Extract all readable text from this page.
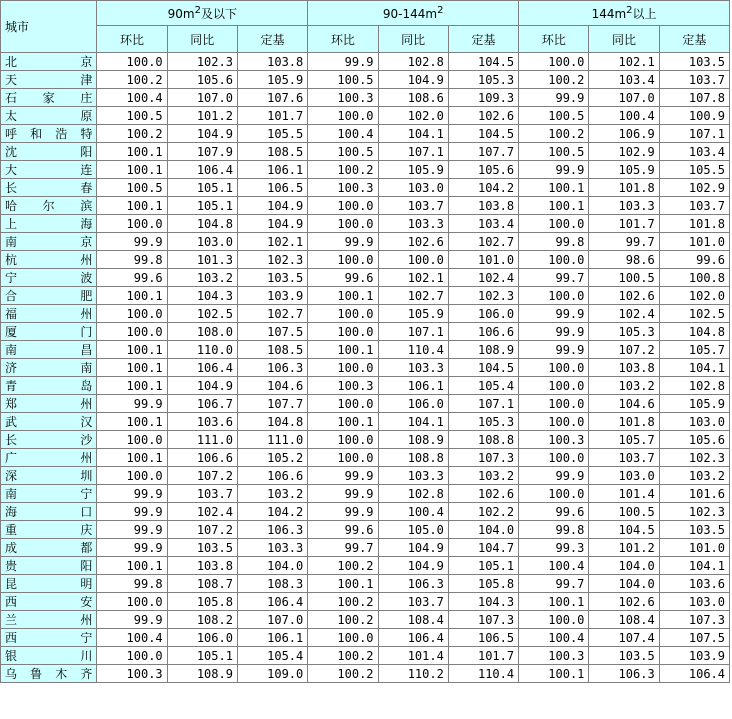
城市	$90m^2$及以下			$90-144m^2$			$144m^2$以上		
	环比	同比	定基	环比	同比	定基	环比	同比	定基
北京	100.0	102.3	103.8	99.9	102.8	104.5	100.0	102.1	103.5
天津	100.2	105.6	105.9	100.5	104.9	105.3	100.2	103.4	103.7
石家庄	100.4	107.0	107.6	100.3	108.6	109.3	99.9	107.0	107.8
太原	100.5	101.2	101.7	100.0	102.0	102.6	100.5	100.4	100.9
呼和浩特	100.2	104.9	105.5	100.4	104.1	104.5	100.2	106.9	107.1
沈阳	100.1	107.9	108.5	100.5	107.1	107.7	100.5	102.9	103.4
大连	100.1	106.4	106.1	100.2	105.9	105.6	99.9	105.9	105.5
长春	100.5	105.1	106.5	100.3	103.0	104.2	100.1	101.8	102.9
哈尔滨	100.1	105.1	104.9	100.0	103.7	103.8	100.1	103.3	103.7
上海	100.0	104.8	104.9	100.0	103.3	103.4	100.0	101.7	101.8
南京	99.9	103.0	102.1	99.9	102.6	102.7	99.8	99.7	101.0
杭州	99.8	101.3	102.3	100.0	100.0	101.0	100.0	98.6	99.6
宁波	99.6	103.2	103.5	99.6	102.1	102.4	99.7	100.5	100.8
合肥	100.1	104.3	103.9	100.1	102.7	102.3	100.0	102.6	102.0
福州	100.0	102.5	102.7	100.0	105.9	106.0	99.9	102.4	102.5
厦门	100.0	108.0	107.5	100.0	107.1	106.6	99.9	105.3	104.8
南昌	100.1	110.0	108.5	100.1	110.4	108.9	99.9	107.2	105.7
济南	100.1	106.4	106.3	100.0	103.3	104.5	100.0	103.8	104.1
青岛	100.1	104.9	104.6	100.3	106.1	105.4	100.0	103.2	102.8
郑州	99.9	106.7	107.7	100.0	106.0	107.1	100.0	104.6	105.9
武汉	100.1	103.6	104.8	100.1	104.1	105.3	100.0	101.8	103.0
长沙	100.0	111.0	111.0	100.0	108.9	108.8	100.3	105.7	105.6
广州	100.1	106.6	105.2	100.0	108.8	107.3	100.0	103.7	102.3
深圳	100.0	107.2	106.6	99.9	103.3	103.2	99.9	103.0	103.2
南宁	99.9	103.7	103.2	99.9	102.8	102.6	100.0	101.4	101.6
海口	99.9	102.4	104.2	99.9	100.4	102.2	99.6	100.5	102.3
重庆	99.9	107.2	106.3	99.6	105.0	104.0	99.8	104.5	103.5
成都	99.9	103.5	103.3	99.7	104.9	104.7	99.3	101.2	101.0
贵阳	100.1	103.8	104.0	100.2	104.9	105.1	100.4	104.0	104.1
昆明	99.8	108.7	108.3	100.1	106.3	105.8	99.7	104.0	103.6
西安	100.0	105.8	106.4	100.2	103.7	104.3	100.1	102.6	103.0
兰州	99.9	108.2	107.0	100.2	108.4	107.3	100.0	108.4	107.3
西宁	100.4	106.0	106.1	100.0	106.4	106.5	100.4	107.4	107.5
银川	100.0	105.1	105.4	100.2	101.4	101.7	100.3	103.5	103.9
乌鲁木齐	100.3	108.9	109.0	100.2	110.2	110.4	100.1	106.3	106.4
